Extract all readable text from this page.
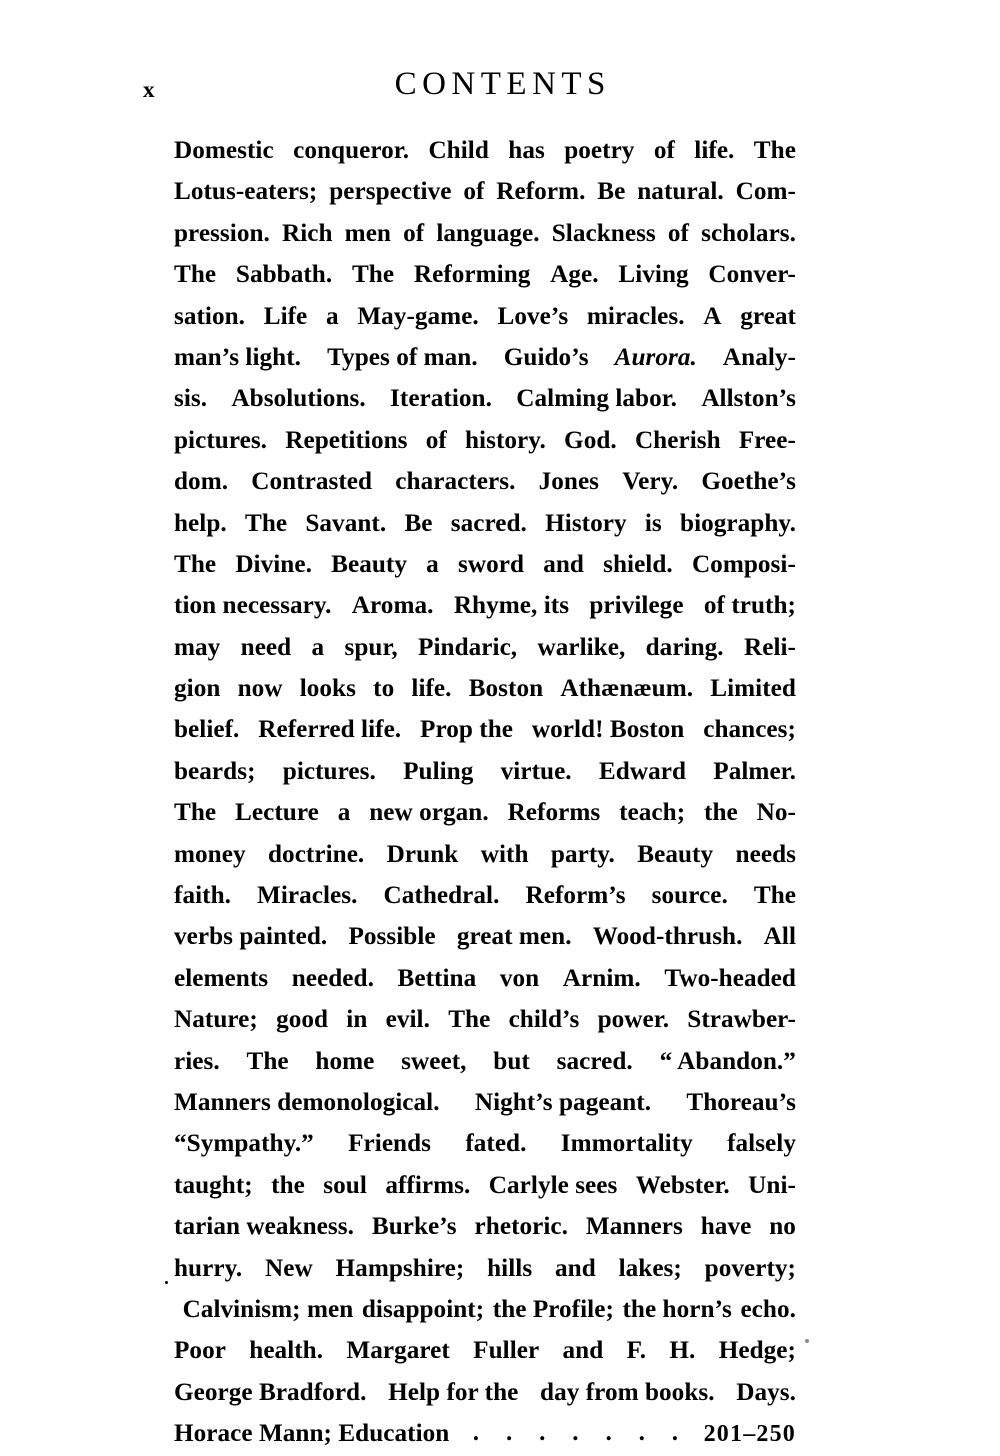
x	CONTENTS
Domestic conqueror. Child has poetry of life. The
Lotus-eaters; perspective of Reform. Be natural. Com-
pression. Rich men of language. Slackness of scholars.
The Sabbath. The Reforming Age. Living Conver-
sation. Life a May-game. Love’s miracles. A great
man’s light. Types of man. Guido’s Aurora. Analy-
sis. Absolutions. Iteration. Calming labor. Allston’s
pictures. Repetitions of history. God. Cherish Free-
dom. Contrasted characters. Jones Very. Goethe’s
help. The Savant. Be sacred. History is biography.
The Divine. Beauty a sword and shield. Composi-
tion necessary. Aroma. Rhyme, its privilege of truth;
may need a spur, Pindaric, warlike, daring. Reli-
gion now looks to life. Boston Athænæum. Limited
belief. Referred life. Prop the world! Boston chances;
beards; pictures. Puling virtue. Edward Palmer.
The Lecture a new organ. Reforms teach; the No-
money doctrine. Drunk with party. Beauty needs
faith. Miracles. Cathedral. Reform’s source. The
verbs painted. Possible great men. Wood-thrush. All
elements needed. Bettina von Arnim. Two-headed
Nature; good in evil. The child’s power. Strawber-
ries. The home sweet, but sacred. “ Abandon.”
Manners demonological. Night’s pageant. Thoreau’s
“Sympathy.” Friends fated. Immortality falsely
taught; the soul affirms. Carlyle sees Webster. Uni-
tarian weakness. Burke’s rhetoric. Manners have no
hurry. New Hampshire; hills and lakes; poverty;
Calvinism; men disappoint; the Profile; the horn’s echo.
Poor health. Margaret Fuller and F. H. Hedge;
George Bradford. Help for the day from books. Days.
Horace Mann; Education . . . . . . . 201–250
